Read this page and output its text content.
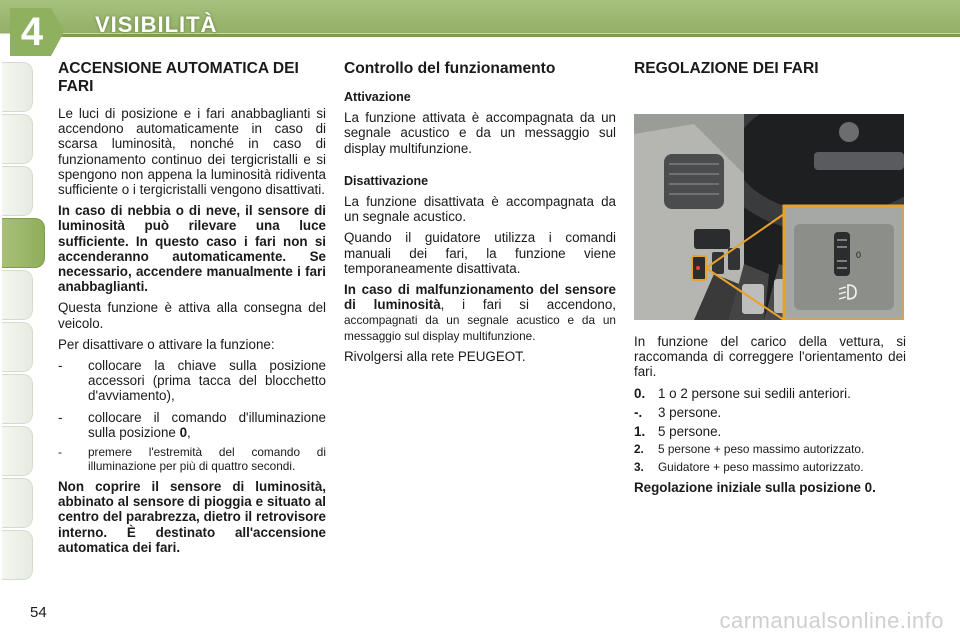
4	VISIBILITÀ
ACCENSIONE AUTOMATICA DEI FARI

Le luci di posizione e i fari anabbaglianti si accendono automaticamente in caso di scarsa luminosità, nonché in caso di funzionamento continuo dei tergicristalli e si spengono non appena la luminosità ridiventa sufficiente o i tergicristalli vengono disattivati.

In caso di nebbia o di neve, il sensore di luminosità può rilevare una luce sufficiente. In questo caso i fari non si accenderanno automaticamente. Se necessario, accendere manualmente i fari anabbaglianti.

Questa funzione è attiva alla consegna del veicolo.

Per disattivare o attivare la funzione:

-	collocare la chiave sulla posizione accessori (prima tacca del blocchetto d'avviamento),
-	collocare il comando d'illuminazione sulla posizione 0,
-	premere l'estremità del comando di illuminazione per più di quattro secondi.

Non coprire il sensore di luminosità, abbinato al sensore di pioggia e situato al centro del parabrezza, dietro il retrovisore interno. È destinato all'accensione automatica dei fari.

Controllo del funzionamento
Attivazione

La funzione attivata è accompagnata da un segnale acustico e da un messaggio sul display multifunzione.

Disattivazione

La funzione disattivata è accompagnata da un segnale acustico.

Quando il guidatore utilizza i comandi manuali dei fari, la funzione viene temporaneamente disattivata.

In caso di malfunzionamento del sensore di luminosità, i fari si accendono, accompagnati da un segnale acustico e da un messaggio sul display multifunzione.

Rivolgersi alla rete PEUGEOT.

REGOLAZIONE DEI FARI
0

In funzione del carico della vettura, si raccomanda di correggere l'orientamento dei fari.

0. 1 o 2 persone sui sedili anteriori.
-.	3 persone.
1. 5 persone.
2.	5 persone + peso massimo autorizzato.
3.	Guidatore + peso massimo autorizzato.

Regolazione iniziale sulla posizione 0.

54	carmanualsonline.info
